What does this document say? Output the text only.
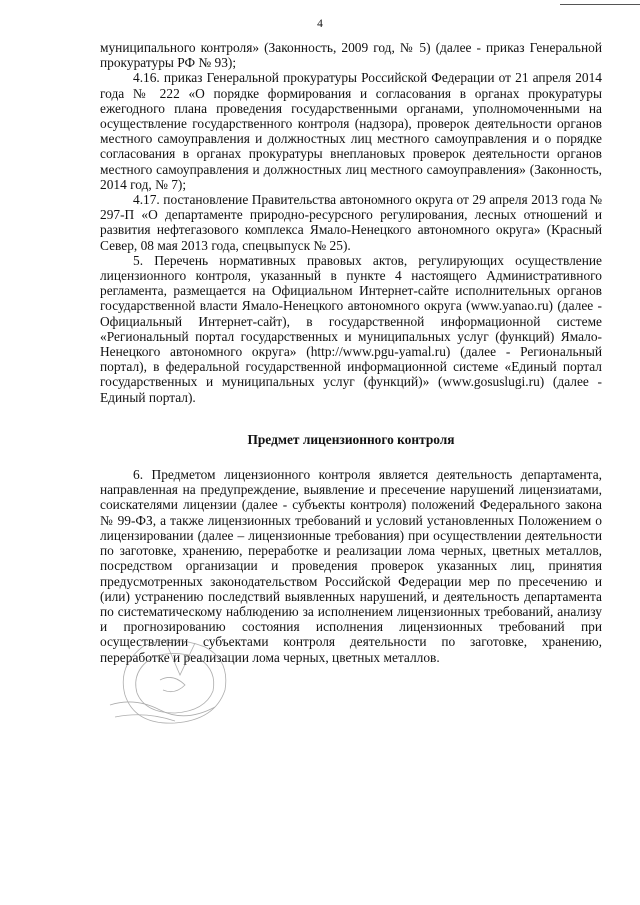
4

муниципального контроля» (Законность, 2009 год, № 5) (далее - приказ Генеральной прокуратуры РФ № 93);

4.16. приказ Генеральной прокуратуры Российской Федерации от 21 апреля 2014 года № 222 «О порядке формирования и согласования в органах прокуратуры ежегодного плана проведения государственными органами, уполномоченными на осуществление государственного контроля (надзора), проверок деятельности органов местного самоуправления и должностных лиц местного самоуправления и о порядке согласования в органах прокуратуры внеплановых проверок деятельности органов местного самоуправления и должностных лиц местного самоуправления» (Законность, 2014 год, № 7);

4.17. постановление Правительства автономного округа от 29 апреля 2013 года № 297-П «О департаменте природно-ресурсного регулирования, лесных отношений и развития нефтегазового комплекса Ямало-Ненецкого автономного округа» (Красный Север, 08 мая 2013 года, спецвыпуск № 25).

5. Перечень нормативных правовых актов, регулирующих осуществление лицензионного контроля, указанный в пункте 4 настоящего Административного регламента, размещается на Официальном Интернет-сайте исполнительных органов государственной власти Ямало-Ненецкого автономного округа (www.yanao.ru) (далее - Официальный Интернет-сайт), в государственной информационной системе «Региональный портал государственных и муниципальных услуг (функций) Ямало-Ненецкого автономного округа» (http://www.pgu-yamal.ru) (далее - Региональный портал), в федеральной государственной информационной системе «Единый портал государственных и муниципальных услуг (функций)» (www.gosuslugi.ru) (далее - Единый портал).

Предмет лицензионного контроля

6. Предметом лицензионного контроля является деятельность департамента, направленная на предупреждение, выявление и пресечение нарушений лицензиатами, соискателями лицензии (далее - субъекты контроля) положений Федерального закона № 99-ФЗ, а также лицензионных требований и условий установленных Положением о лицензировании (далее – лицензионные требования) при осуществлении деятельности по заготовке, хранению, переработке и реализации лома черных, цветных металлов, посредством организации и проведения проверок указанных лиц, принятия предусмотренных законодательством Российской Федерации мер по пресечению и (или) устранению последствий выявленных нарушений, и деятельность департамента по систематическому наблюдению за исполнением лицензионных требований, анализу и прогнозированию состояния исполнения лицензионных требований при осуществлении субъектами контроля деятельности по заготовке, хранению, переработке и реализации лома черных, цветных металлов.
